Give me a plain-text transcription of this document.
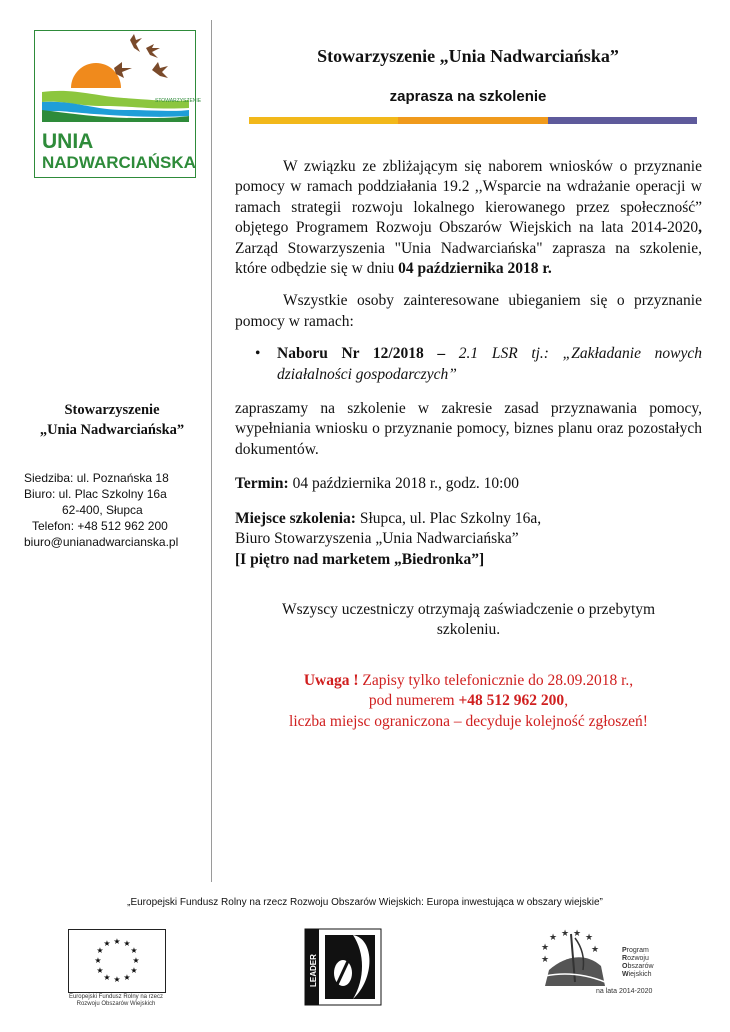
STOWARZYSZENIE
UNIA
NADWARCIAŃSKA
Stowarzyszenie „Unia Nadwarciańska”
zaprasza na szkolenie
Stowarzyszenie
„Unia Nadwarciańska”
Siedziba: ul. Poznańska 18
Biuro: ul. Plac Szkolny 16a
62-400, Słupca
Telefon: +48 512 962 200
biuro@unianadwarcianska.pl

W związku ze zbliżającym się naborem wniosków o przyznanie pomocy w ramach poddziałania 19.2 ,,Wsparcie na wdrażanie operacji w ramach strategii rozwoju lokalnego kierowanego przez społeczność” objętego Programem Rozwoju Obszarów Wiejskich na lata 2014-2020, Zarząd Stowarzyszenia "Unia Nadwarciańska" zaprasza na szkolenie, które odbędzie się w dniu 04 października 2018 r.

Wszystkie osoby zainteresowane ubieganiem się o przyznanie pomocy w ramach:

•	Naboru Nr 12/2018 – 2.1 LSR tj.: „Zakładanie nowych działalności gospodarczych”

zapraszamy na szkolenie w zakresie zasad przyznawania pomocy, wypełniania wniosku o przyznanie pomocy, biznes planu oraz pozostałych dokumentów.

Termin: 04 października 2018 r., godz. 10:00

Miejsce szkolenia: Słupca, ul. Plac Szkolny 16a,
Biuro Stowarzyszenia „Unia Nadwarciańska”
[I piętro nad marketem „Biedronka”]

Wszyscy uczestniczy otrzymają zaświadczenie o przebytym szkoleniu.

Uwaga ! Zapisy tylko telefonicznie do 28.09.2018 r.,
pod numerem +48 512 962 200,
liczba miejsc ograniczona – decyduje kolejność zgłoszeń!
„Europejski Fundusz Rolny na rzecz Rozwoju Obszarów Wiejskich: Europa inwestująca w obszary wiejskie”
★ ★
★
★
★
★
★
★
★
★
★
★
Europejski Fundusz Rolny na rzecz Rozwoju Obszarów Wiejskich
LEADER
★ ★ ★
★
★
★
★	Program
Rozwoju
Obszarów
Wiejskich
na lata 2014-2020
